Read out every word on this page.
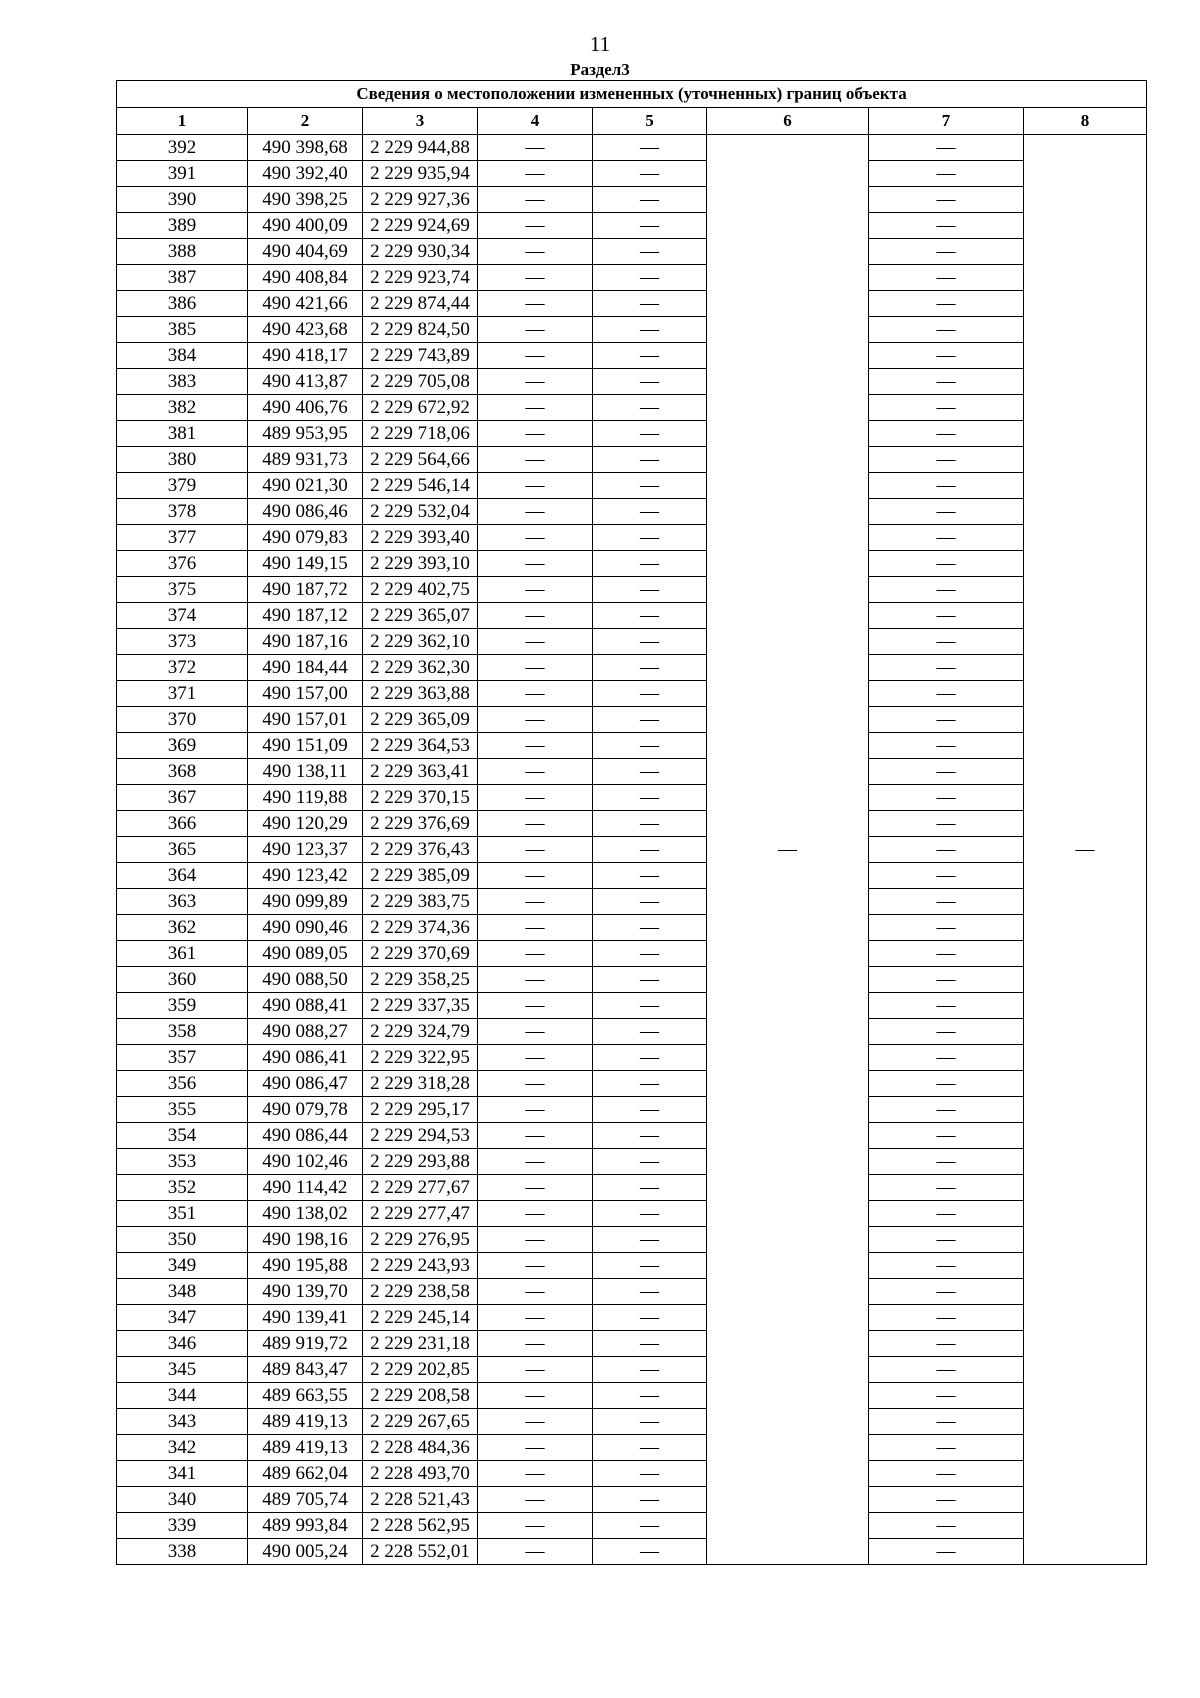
11
Раздел3
Сведения о местоположении измененных (уточненных) границ объекта							
1	2	3	4	5	6	7	8
392	490 398,68	2 229 944,88	—	—	—	—	—
391	490 392,40	2 229 935,94	—	—		—	
390	490 398,25	2 229 927,36	—	—		—	
389	490 400,09	2 229 924,69	—	—		—	
388	490 404,69	2 229 930,34	—	—		—	
387	490 408,84	2 229 923,74	—	—		—	
386	490 421,66	2 229 874,44	—	—		—	
385	490 423,68	2 229 824,50	—	—		—	
384	490 418,17	2 229 743,89	—	—		—	
383	490 413,87	2 229 705,08	—	—		—	
382	490 406,76	2 229 672,92	—	—		—	
381	489 953,95	2 229 718,06	—	—		—	
380	489 931,73	2 229 564,66	—	—		—	
379	490 021,30	2 229 546,14	—	—		—	
378	490 086,46	2 229 532,04	—	—		—	
377	490 079,83	2 229 393,40	—	—		—	
376	490 149,15	2 229 393,10	—	—		—	
375	490 187,72	2 229 402,75	—	—		—	
374	490 187,12	2 229 365,07	—	—		—	
373	490 187,16	2 229 362,10	—	—		—	
372	490 184,44	2 229 362,30	—	—		—	
371	490 157,00	2 229 363,88	—	—		—	
370	490 157,01	2 229 365,09	—	—		—	
369	490 151,09	2 229 364,53	—	—		—	
368	490 138,11	2 229 363,41	—	—		—	
367	490 119,88	2 229 370,15	—	—		—	
366	490 120,29	2 229 376,69	—	—		—	
365	490 123,37	2 229 376,43	—	—		—	
364	490 123,42	2 229 385,09	—	—		—	
363	490 099,89	2 229 383,75	—	—		—	
362	490 090,46	2 229 374,36	—	—		—	
361	490 089,05	2 229 370,69	—	—		—	
360	490 088,50	2 229 358,25	—	—		—	
359	490 088,41	2 229 337,35	—	—		—	
358	490 088,27	2 229 324,79	—	—		—	
357	490 086,41	2 229 322,95	—	—		—	
356	490 086,47	2 229 318,28	—	—		—	
355	490 079,78	2 229 295,17	—	—		—	
354	490 086,44	2 229 294,53	—	—		—	
353	490 102,46	2 229 293,88	—	—		—	
352	490 114,42	2 229 277,67	—	—		—	
351	490 138,02	2 229 277,47	—	—		—	
350	490 198,16	2 229 276,95	—	—		—	
349	490 195,88	2 229 243,93	—	—		—	
348	490 139,70	2 229 238,58	—	—		—	
347	490 139,41	2 229 245,14	—	—		—	
346	489 919,72	2 229 231,18	—	—		—	
345	489 843,47	2 229 202,85	—	—		—	
344	489 663,55	2 229 208,58	—	—		—	
343	489 419,13	2 229 267,65	—	—		—	
342	489 419,13	2 228 484,36	—	—		—	
341	489 662,04	2 228 493,70	—	—		—	
340	489 705,74	2 228 521,43	—	—		—	
339	489 993,84	2 228 562,95	—	—		—	
338	490 005,24	2 228 552,01	—	—		—	
